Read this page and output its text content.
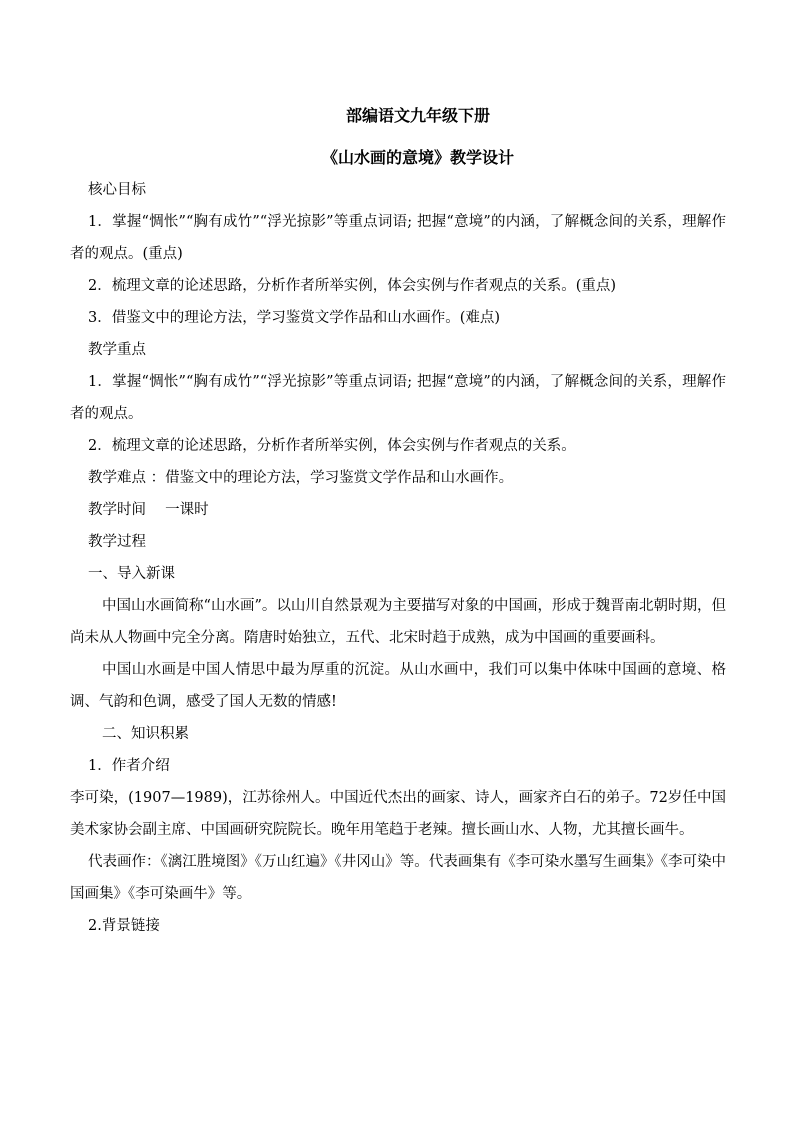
部编语文九年级下册

《山水画的意境》教学设计

核心目标

1．掌握“惆怅”“胸有成竹”“浮光掠影”等重点词语; 把握“意境”的内涵，了解概念间的关系，理解作者的观点。(重点)

2．梳理文章的论述思路，分析作者所举实例，体会实例与作者观点的关系。(重点)

3．借鉴文中的理论方法，学习鉴赏文学作品和山水画作。(难点)

教学重点

1．掌握“惆怅”“胸有成竹”“浮光掠影”等重点词语; 把握“意境”的内涵，了解概念间的关系，理解作者的观点。

2．梳理文章的论述思路，分析作者所举实例，体会实例与作者观点的关系。

教学难点 ：借鉴文中的理论方法，学习鉴赏文学作品和山水画作。

教学时间　 一课时

教学过程

一、导入新课

中国山水画简称“山水画”。以山川自然景观为主要描写对象的中国画，形成于魏晋南北朝时期，但尚未从人物画中完全分离。隋唐时始独立，五代、北宋时趋于成熟，成为中国画的重要画科。

中国山水画是中国人情思中最为厚重的沉淀。从山水画中，我们可以集中体味中国画的意境、格调、气韵和色调，感受了国人无数的情感!

二、知识积累

1．作者介绍

李可染，(1907—1989)，江苏徐州人。中国近代杰出的画家、诗人，画家齐白石的弟子。72岁任中国美术家协会副主席、中国画研究院院长。晚年用笔趋于老辣。擅长画山水、人物，尤其擅长画牛。

代表画作：《漓江胜境图》《万山红遍》《井冈山》等。代表画集有《李可染水墨写生画集》《李可染中国画集》《李可染画牛》等。

2.背景链接
